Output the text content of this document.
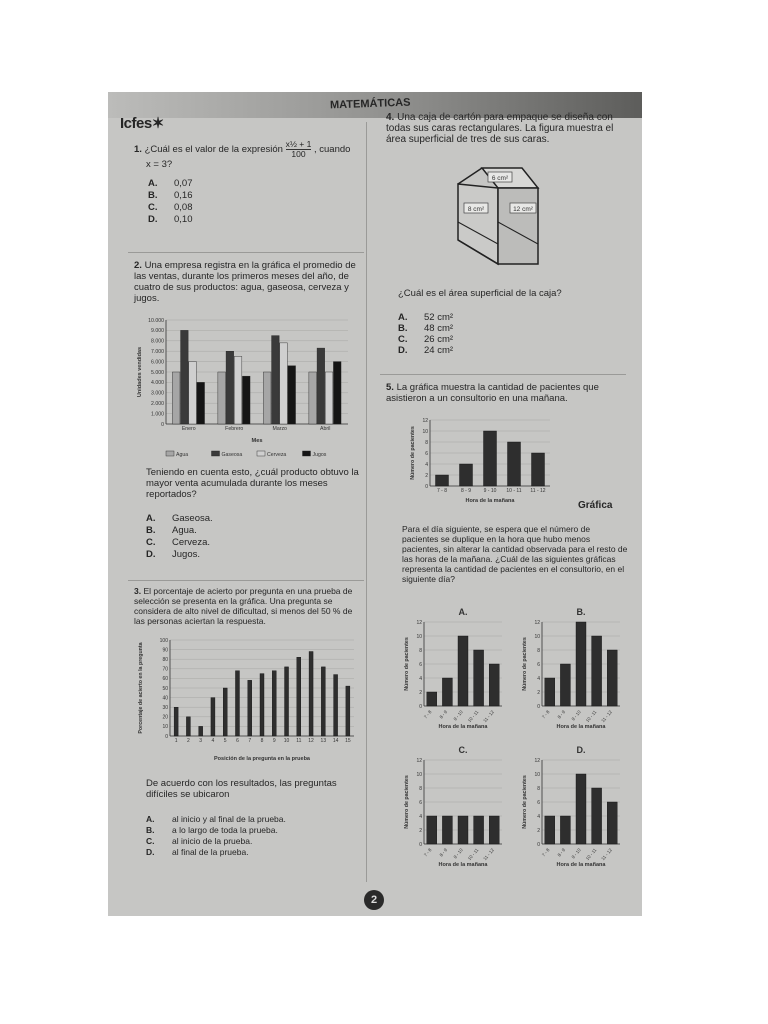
Icfes✶
MATEMÁTICAS
1. ¿Cuál es el valor de la expresión $\frac{\text{x½ + 1}}{100}$ , cuando
x = 3?
A. 0,07
B. 0,16
C. 0,08
D. 0,10
2. Una empresa registra en la gráfica el promedio de las ventas, durante los primeros meses del año, de cuatro de sus productos: agua, gaseosa, cerveza y jugos.
0
1.000
2.000
3.000
4.000
5.000
6.000
7.000
8.000
9.000
10.000
Enero	Febrero	Marzo	Abril
Mes
Unidades vendidas
Agua	Gaseosa	Cerveza	Jugos
Teniendo en cuenta esto, ¿cuál producto obtuvo la mayor venta acumulada durante los meses reportados?
A. Gaseosa.
B. Agua.
C. Cerveza.
D. Jugos.
3. El porcentaje de acierto por pregunta en una prueba de selección se presenta en la gráfica. Una pregunta se considera de alto nivel de dificultad, si menos del 50 % de las personas aciertan la respuesta.
0
10
20
30
40
50
60
70
80
90
100
1 2 3 4 5 6 7 8 9 10 11 12 13 14 15
Posición de la pregunta en la prueba
Porcentaje de acierto en la pregunta
De acuerdo con los resultados, las preguntas difíciles se ubicaron
A.	al inicio y al final de la prueba.
B.	a lo largo de toda la prueba.
C.	al inicio de la prueba.
D.	al final de la prueba.
4. Una caja de cartón para empaque se diseña con todas sus caras rectangulares. La figura muestra el área superficial de tres de sus caras.
6 cm²
8 cm²	12 cm²
¿Cuál es el área superficial de la caja?
A. 52 cm²
B. 48 cm²
C. 26 cm²
D. 24 cm²
5. La gráfica muestra la cantidad de pacientes que asistieron a un consultorio en una mañana.
0
2
4
6
8
10
12
7 - 8	8 - 9	9 - 10 10 - 11 11 - 12
Hora de la mañana
Número de pacientes
Gráfica
Para el día siguiente, se espera que el número de pacientes se duplique en la hora que hubo menos pacientes, sin alterar la cantidad observada para el resto de las horas de la mañana. ¿Cuál de las siguientes gráficas representa la cantidad de pacientes en el consultorio, en el siguiente día?
0
2
4
6
8
10
12
7 - 8 8 - 9 9 - 10 10 - 11 11 - 12
Hora de la mañana
Número de pacientes
A.
0
2
4
6
8
10
12
7 - 8 8 - 9 9 - 10 10 - 11 11 - 12
Hora de la mañana
Número de pacientes
B.
0
2
4
6
8
10
12
7 - 8 8 - 9 9 - 10 10 - 11 11 - 12
Hora de la mañana
Número de pacientes
C.
0
2
4
6
8
10
12
7 - 8 8 - 9 9 - 10 10 - 11 11 - 12
Hora de la mañana
Número de pacientes
D.
2
